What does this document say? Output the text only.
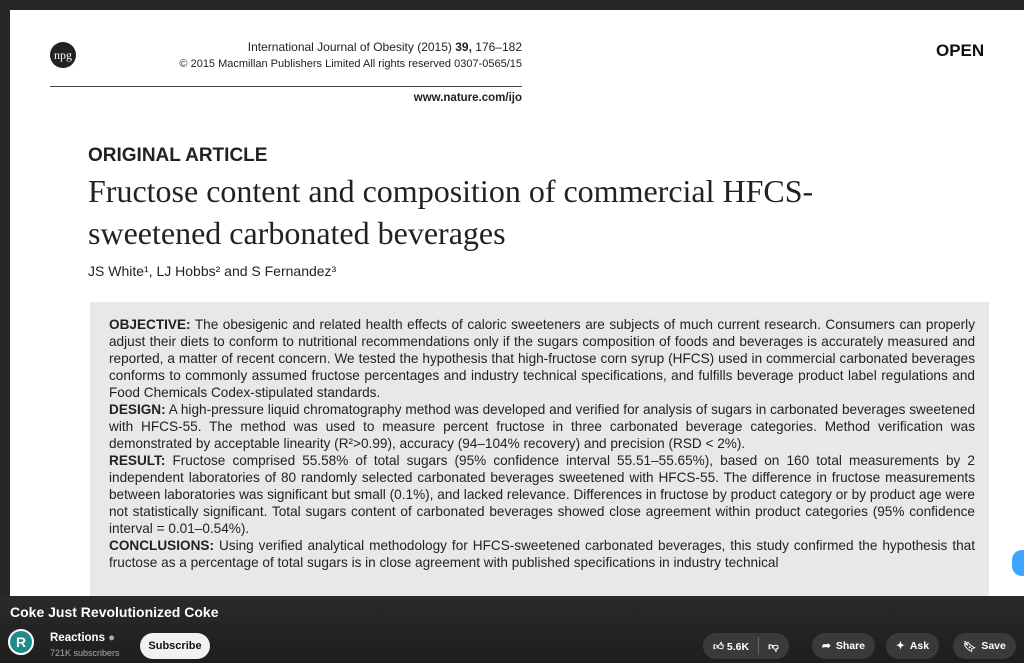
npg
International Journal of Obesity (2015) 39, 176–182
© 2015 Macmillan Publishers Limited All rights reserved 0307-0565/15
www.nature.com/ijo
OPEN
ORIGINAL ARTICLE
Fructose content and composition of commercial HFCS-sweetened carbonated beverages
JS White¹, LJ Hobbs² and S Fernandez³

OBJECTIVE: The obesigenic and related health effects of caloric sweeteners are subjects of much current research. Consumers can properly adjust their diets to conform to nutritional recommendations only if the sugars composition of foods and beverages is accurately measured and reported, a matter of recent concern. We tested the hypothesis that high-fructose corn syrup (HFCS) used in commercial carbonated beverages conforms to commonly assumed fructose percentages and industry technical specifications, and fulfills beverage product label regulations and Food Chemicals Codex-stipulated standards.

DESIGN: A high-pressure liquid chromatography method was developed and verified for analysis of sugars in carbonated beverages sweetened with HFCS-55. The method was used to measure percent fructose in three carbonated beverage categories. Method verification was demonstrated by acceptable linearity (R²>0.99), accuracy (94–104% recovery) and precision (RSD < 2%).

RESULT: Fructose comprised 55.58% of total sugars (95% confidence interval 55.51–55.65%), based on 160 total measurements by 2 independent laboratories of 80 randomly selected carbonated beverages sweetened with HFCS-55. The difference in fructose measurements between laboratories was significant but small (0.1%), and lacked relevance. Differences in fructose by product category or by product age were not statistically significant. Total sugars content of carbonated beverages showed close agreement within product categories (95% confidence interval = 0.01–0.54%).

CONCLUSIONS: Using verified analytical methodology for HFCS-sweetened carbonated beverages, this study confirmed the hypothesis that fructose as a percentage of total sugars is in close agreement with published specifications in industry technical

Coke Just Revolutionized Coke
R	Reactions ●
721K subscribers
Subscribe	👍︎ 5.6K 👎︎	➦ Share	✦ Ask	🔖︎ Save
